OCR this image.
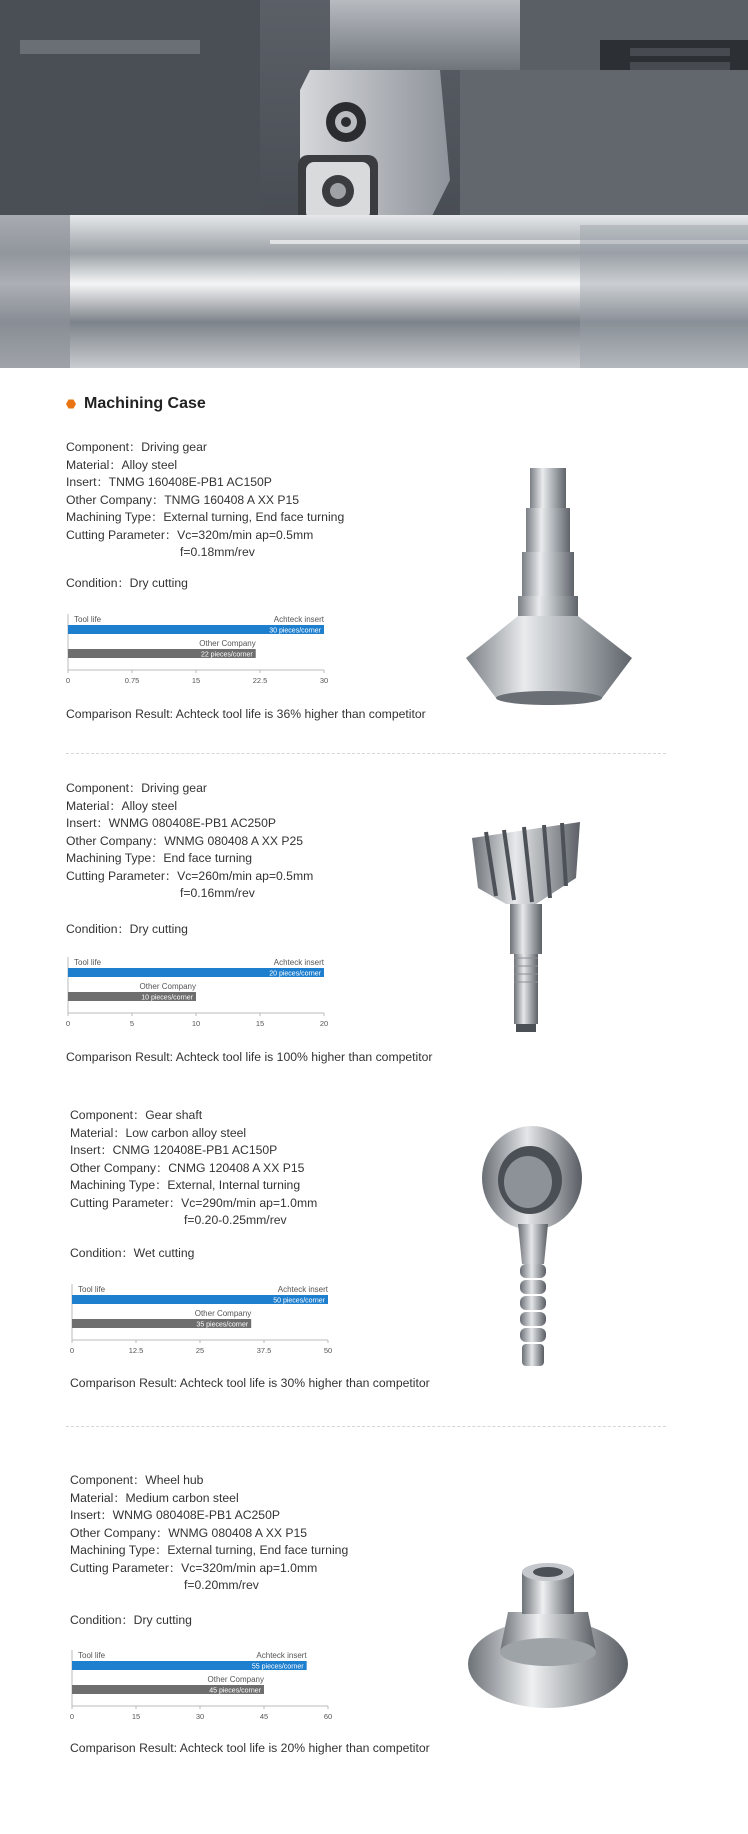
Machining Case
Component：Driving gear
Material：Alloy steel
Insert：TNMG 160408E-PB1 AC150P
Other Company：TNMG 160408 A XX P15
Machining Type：External turning, End face turning
Cutting Parameter：Vc=320m/min ap=0.5mm
f=0.18mm/rev
Condition：Dry cutting
Tool life	Achteck insert
Other Company
30 pieces/corner
22 pieces/corner
0	0.75	15	22.5	30
Comparison Result: Achteck tool life is 36% higher than competitor
Component：Driving gear
Material：Alloy steel
Insert：WNMG 080408E-PB1 AC250P
Other Company：WNMG 080408 A XX P25
Machining Type：End face turning
Cutting Parameter：Vc=260m/min ap=0.5mm
f=0.16mm/rev
Condition：Dry cutting
Tool life	Achteck insert
Other Company
20 pieces/corner
10 pieces/corner
0	5	10	15	20
Comparison Result: Achteck tool life is 100% higher than competitor
Component：Gear shaft
Material：Low carbon alloy steel
Insert：CNMG 120408E-PB1 AC150P
Other Company：CNMG 120408 A XX P15
Machining Type：External, Internal turning
Cutting Parameter：Vc=290m/min ap=1.0mm
f=0.20-0.25mm/rev
Condition：Wet cutting
Tool life	Achteck insert
Other Company
50 pieces/corner
35 pieces/corner
0	12.5	25	37.5	50
Comparison Result: Achteck tool life is 30% higher than competitor
Component：Wheel hub
Material：Medium carbon steel
Insert：WNMG 080408E-PB1 AC250P
Other Company：WNMG 080408 A XX P15
Machining Type：External turning, End face turning
Cutting Parameter：Vc=320m/min ap=1.0mm
f=0.20mm/rev
Condition：Dry cutting
Tool life	Achteck insert
Other Company
55 pieces/corner
45 pieces/corner
0	15	30	45	60
Comparison Result: Achteck tool life is 20% higher than competitor
